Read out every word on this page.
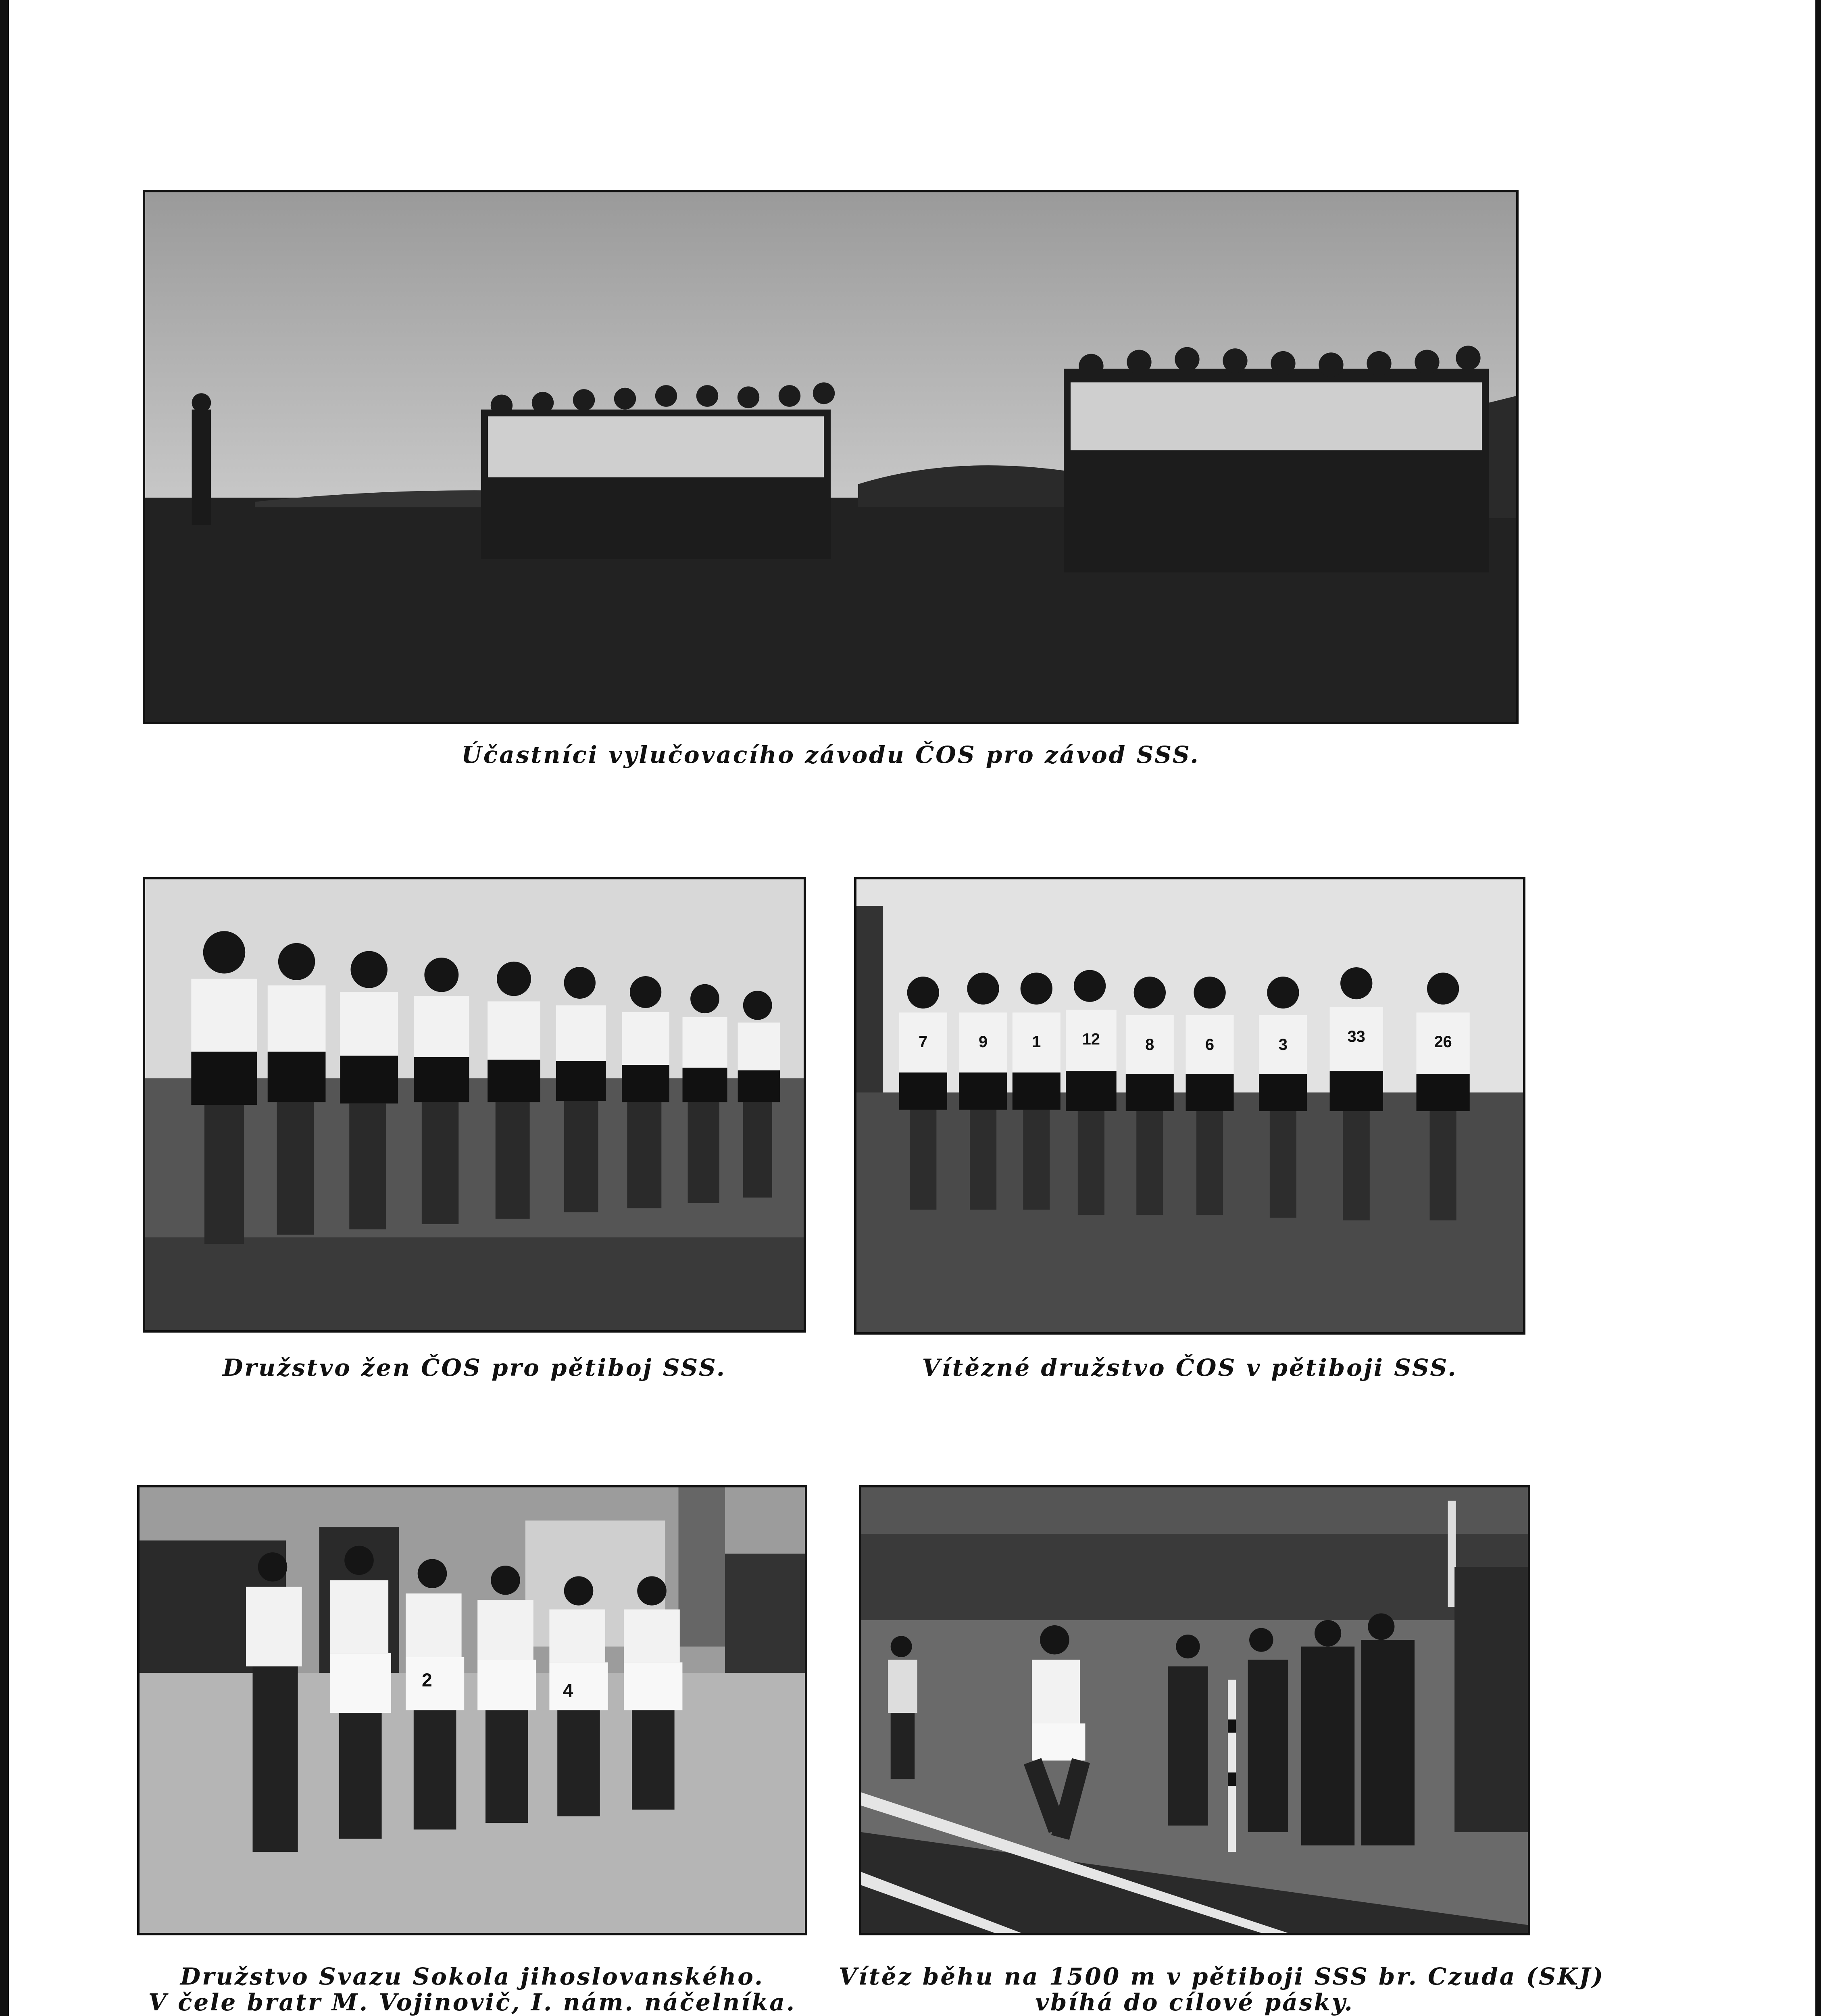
Účastníci vylučovacího závodu ČOS pro závod SSS.
Družstvo žen ČOS pro pětiboj SSS.
7	9	1	12	8	6	3	33	26
Vítězné družstvo ČOS v pětiboji SSS.
2
4
Družstvo Svazu Sokola jihoslovanského.
V čele bratr M. Vojinovič, I. nám. náčelníka.
Vítěz běhu na 1500 m v pětiboji SSS br. Czuda (SKJ)
vbíhá do cílové pásky.
